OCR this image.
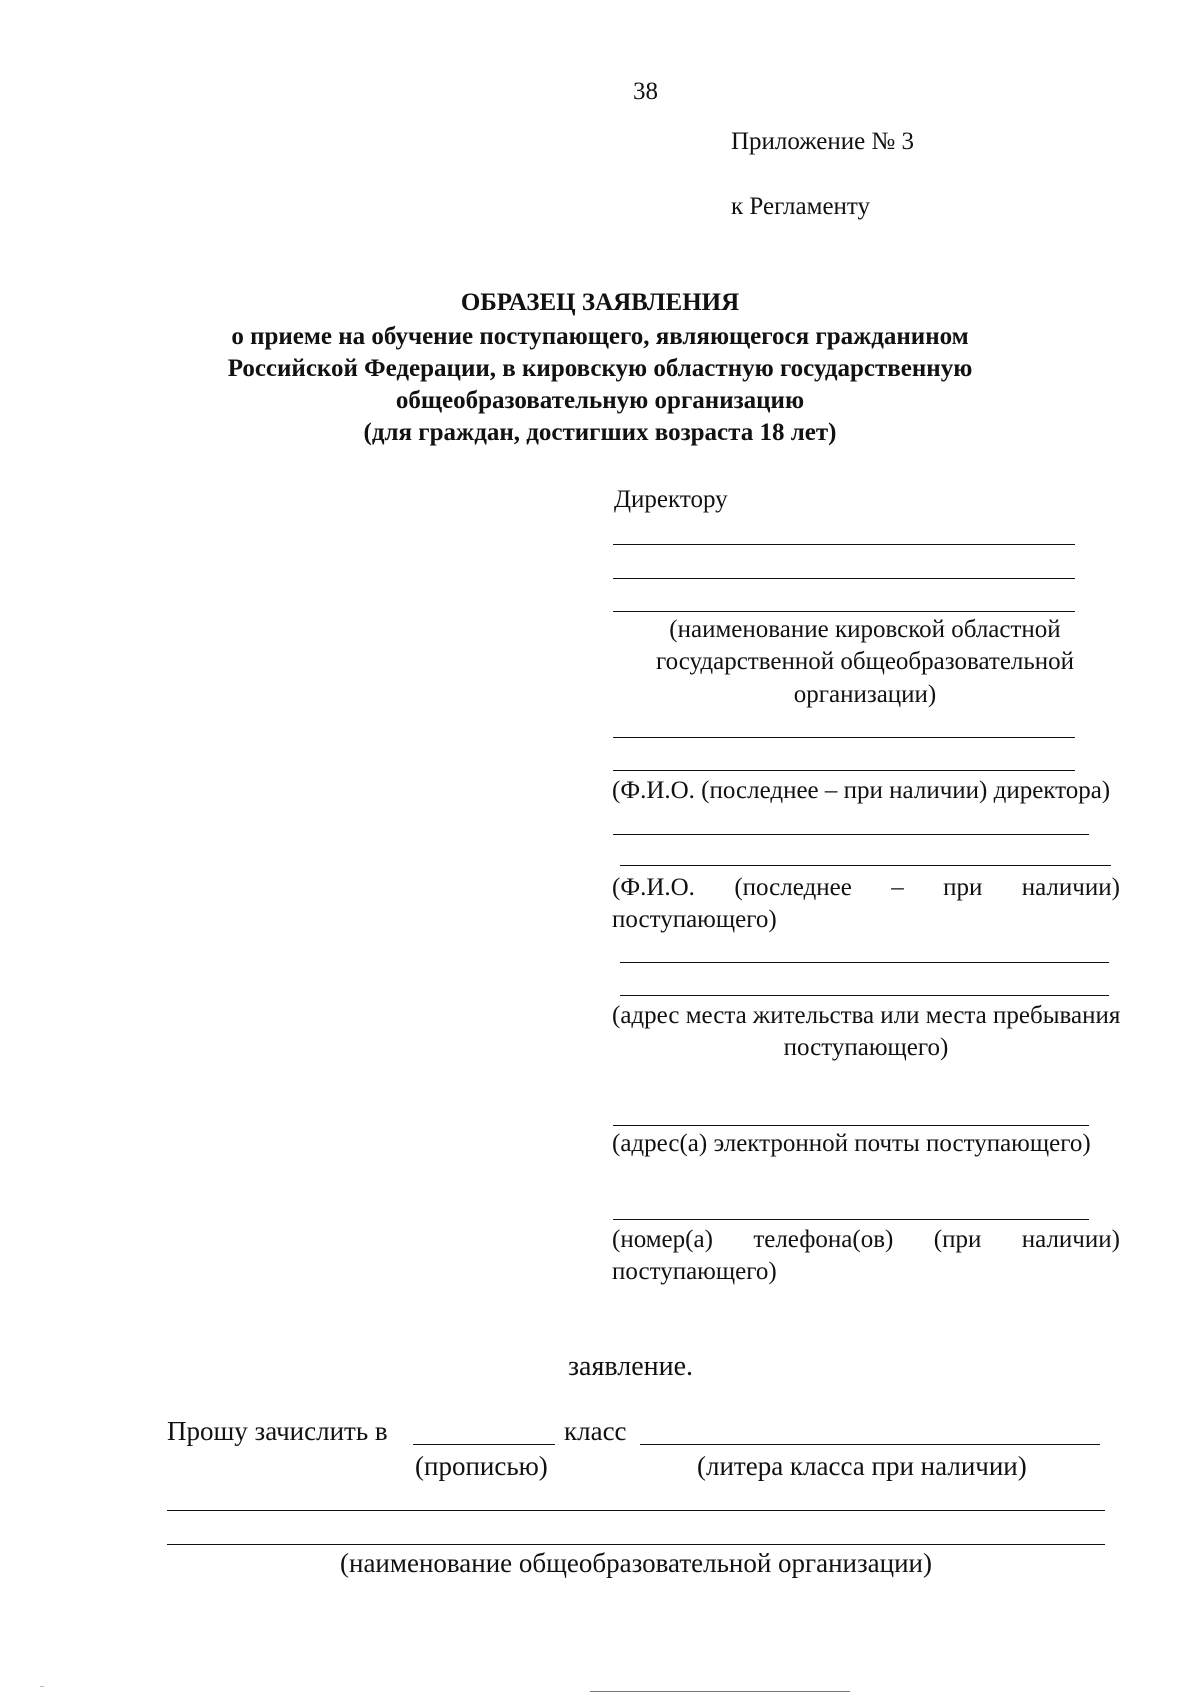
38
Приложение № 3
к Регламенту
ОБРАЗЕЦ ЗАЯВЛЕНИЯ
о приеме на обучение поступающего, являющегося гражданином
Российской Федерации, в кировскую областную государственную
общеобразовательную организацию
(для граждан, достигших возраста 18 лет)
Директору
(наименование кировской областной
государственной общеобразовательной
организации)
(Ф.И.О. (последнее – при наличии) директора)
(Ф.И.О. (последнее – при наличии)
поступающего)
(адрес места жительства или места пребывания
поступающего)
(адрес(а) электронной почты поступающего)
(номер(а) телефона(ов) (при наличии)
поступающего)
заявление.
Прошу зачислить в	класс
(прописью)	(литера класса при наличии)
(наименование общеобразовательной организации)
